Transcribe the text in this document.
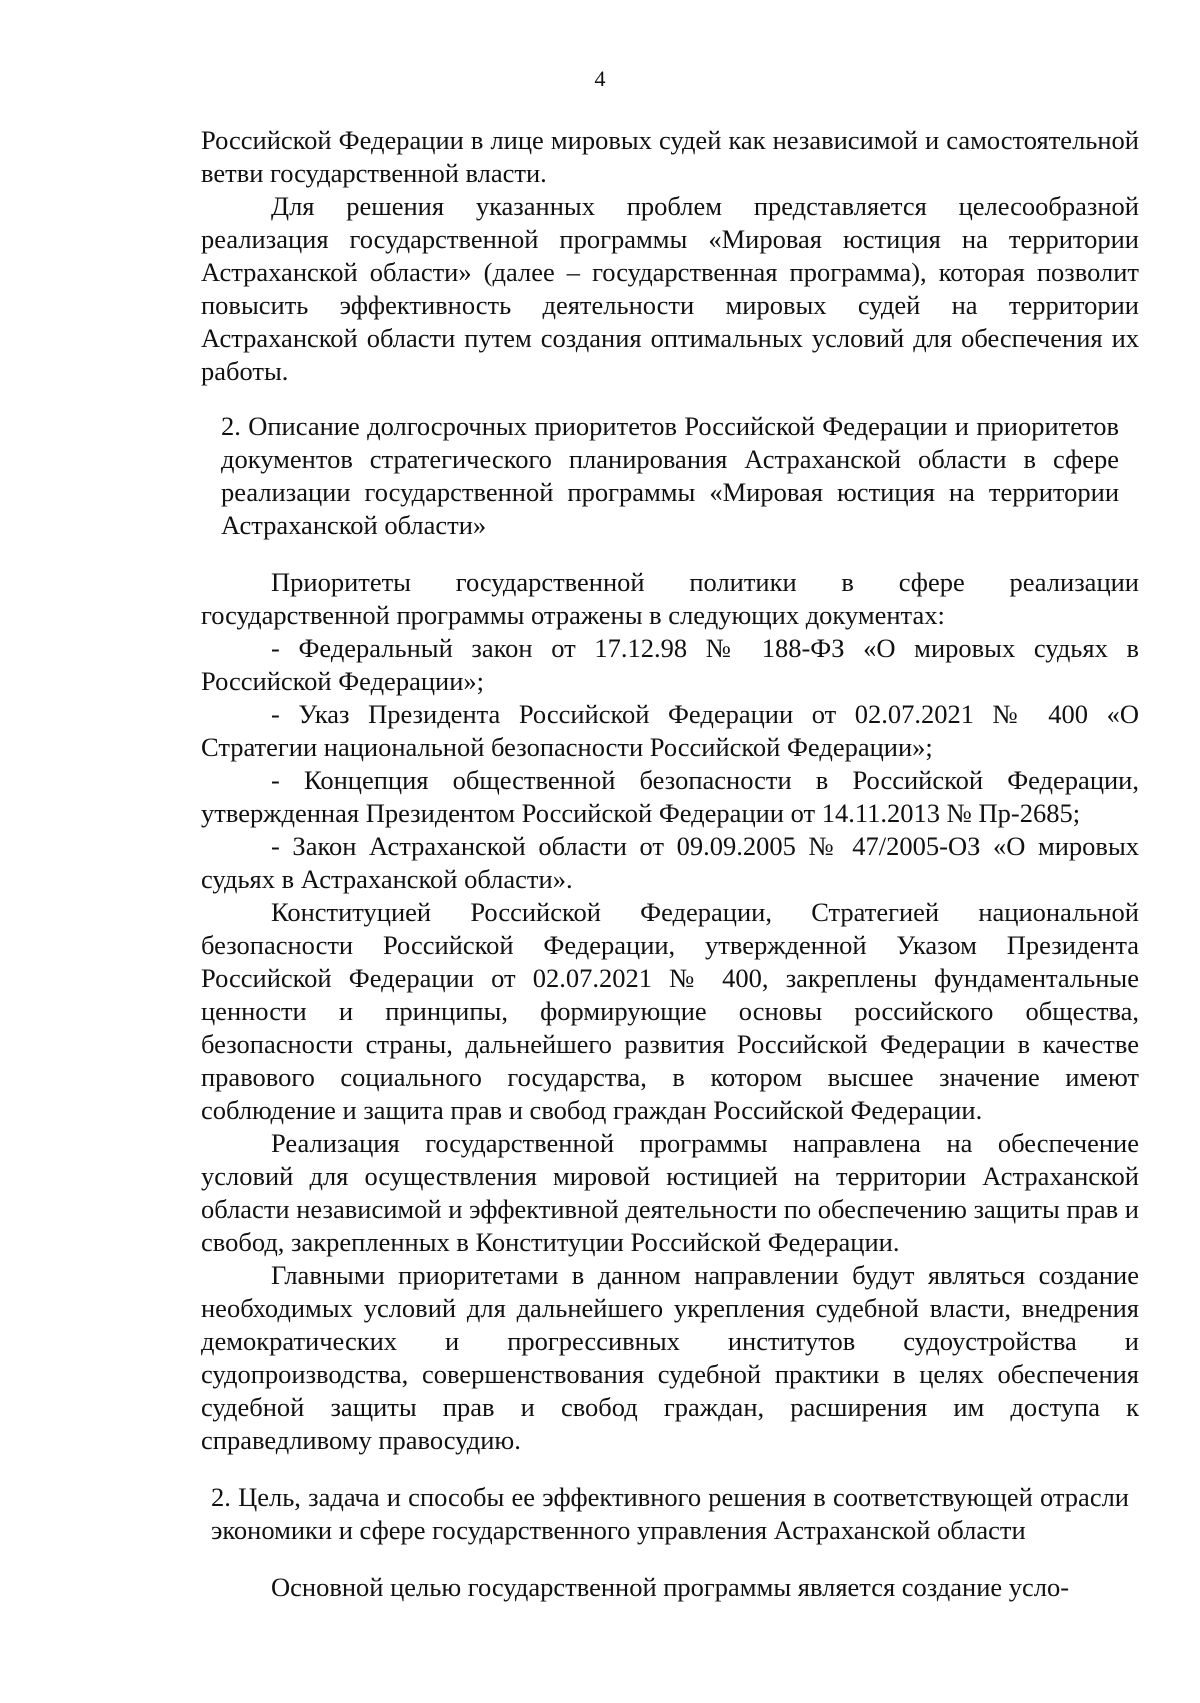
4

Российской Федерации в лице мировых судей как независимой и самостоятельной ветви государственной власти.

Для решения указанных проблем представляется целесообразной реализация государственной программы «Мировая юстиция на территории Астраханской области» (далее – государственная программа), которая позволит повысить эффективность деятельности мировых судей на территории Астраханской области путем создания оптимальных условий для обеспечения их работы.

2. Описание долгосрочных приоритетов Российской Федерации и приоритетов документов стратегического планирования Астраханской области в сфере реализации государственной программы «Мировая юстиция на территории Астраханской области»

Приоритеты государственной политики в сфере реализации государственной программы отражены в следующих документах:

- Федеральный закон от 17.12.98 № 188-ФЗ «О мировых судьях в Российской Федерации»;

- Указ Президента Российской Федерации от 02.07.2021 № 400 «О Стратегии национальной безопасности Российской Федерации»;

- Концепция общественной безопасности в Российской Федерации, утвержденная Президентом Российской Федерации от 14.11.2013 № Пр-2685;

- Закон Астраханской области от 09.09.2005 № 47/2005-ОЗ «О мировых судьях в Астраханской области».

Конституцией Российской Федерации, Стратегией национальной безопасности Российской Федерации, утвержденной Указом Президента Российской Федерации от 02.07.2021 № 400, закреплены фундаментальные ценности и принципы, формирующие основы российского общества, безопасности страны, дальнейшего развития Российской Федерации в качестве правового социального государства, в котором высшее значение имеют соблюдение и защита прав и свобод граждан Российской Федерации.

Реализация государственной программы направлена на обеспечение условий для осуществления мировой юстицией на территории Астраханской области независимой и эффективной деятельности по обеспечению защиты прав и свобод, закрепленных в Конституции Российской Федерации.

Главными приоритетами в данном направлении будут являться создание необходимых условий для дальнейшего укрепления судебной власти, внедрения демократических и прогрессивных институтов судоустройства и судопроизводства, совершенствования судебной практики в целях обеспечения судебной защиты прав и свобод граждан, расширения им доступа к справедливому правосудию.

2. Цель, задача и способы ее эффективного решения в соответствующей отрасли экономики и сфере государственного управления Астраханской области

Основной целью государственной программы является создание усло-
